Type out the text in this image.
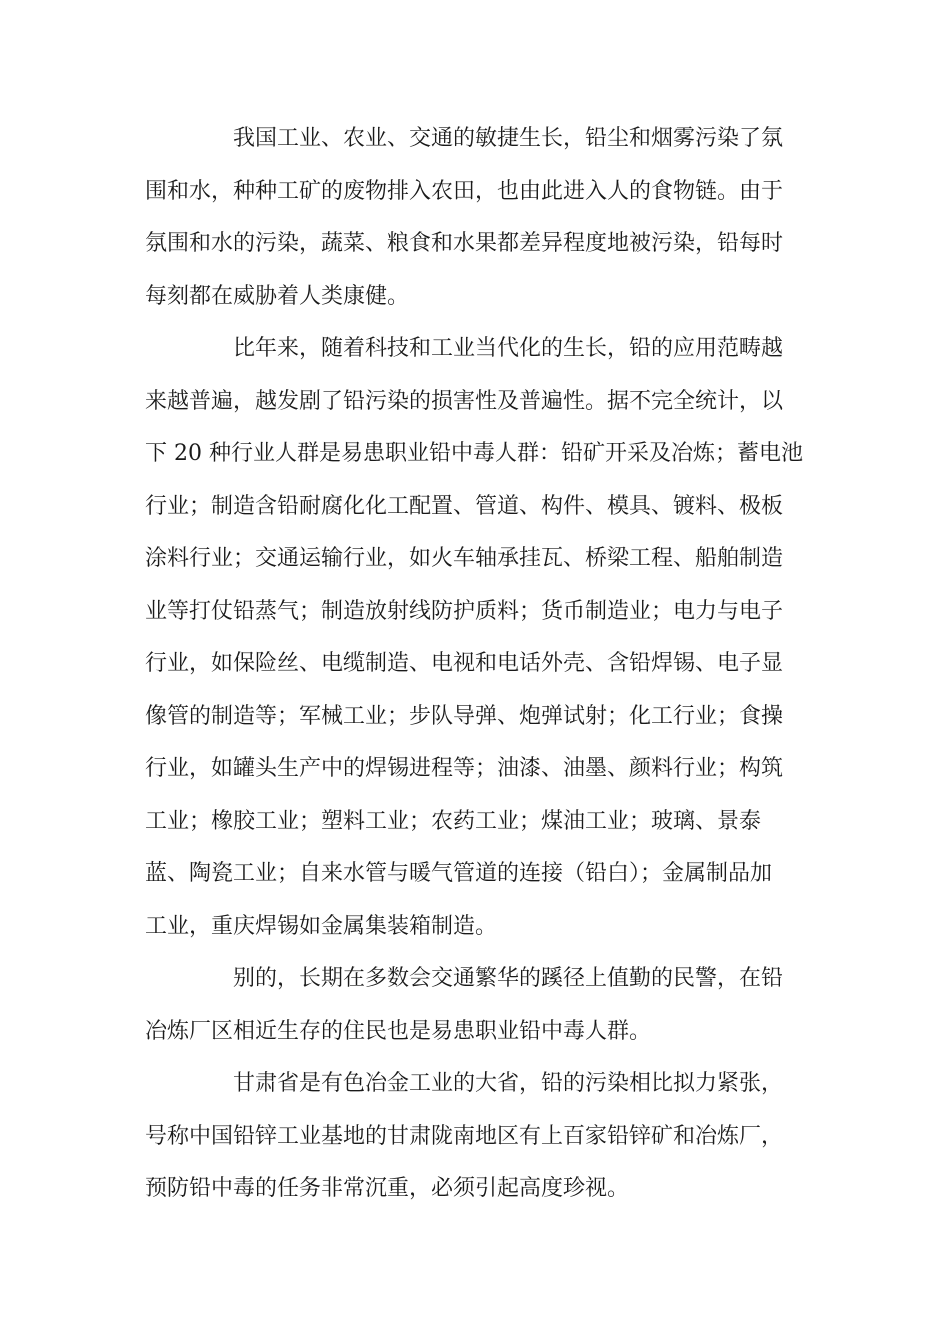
我国工业、农业、交通的敏捷生长，铅尘和烟雾污染了氛
围和水，种种工矿的废物排入农田，也由此进入人的食物链。由于
氛围和水的污染，蔬菜、粮食和水果都差异程度地被污染，铅每时
每刻都在威胁着人类康健。

比年来，随着科技和工业当代化的生长，铅的应用范畴越
来越普遍，越发剧了铅污染的损害性及普遍性。据不完全统计，以
下 20 种行业人群是易患职业铅中毒人群：铅矿开采及冶炼；蓄电池
行业；制造含铅耐腐化化工配置、管道、构件、模具、镀料、极板
涂料行业；交通运输行业，如火车轴承挂瓦、桥梁工程、船舶制造
业等打仗铅蒸气；制造放射线防护质料；货币制造业；电力与电子
行业，如保险丝、电缆制造、电视和电话外壳、含铅焊锡、电子显
像管的制造等；军械工业；步队导弹、炮弹试射；化工行业；食操
行业，如罐头生产中的焊锡进程等；油漆、油墨、颜料行业；构筑
工业；橡胶工业；塑料工业；农药工业；煤油工业；玻璃、景泰
蓝、陶瓷工业；自来水管与暖气管道的连接（铅白）；金属制品加
工业，重庆焊锡如金属集装箱制造。

别的，长期在多数会交通繁华的蹊径上值勤的民警，在铅
冶炼厂区相近生存的住民也是易患职业铅中毒人群。

甘肃省是有色冶金工业的大省，铅的污染相比拟力紧张，
号称中国铅锌工业基地的甘肃陇南地区有上百家铅锌矿和冶炼厂，
预防铅中毒的任务非常沉重，必须引起高度珍视。
